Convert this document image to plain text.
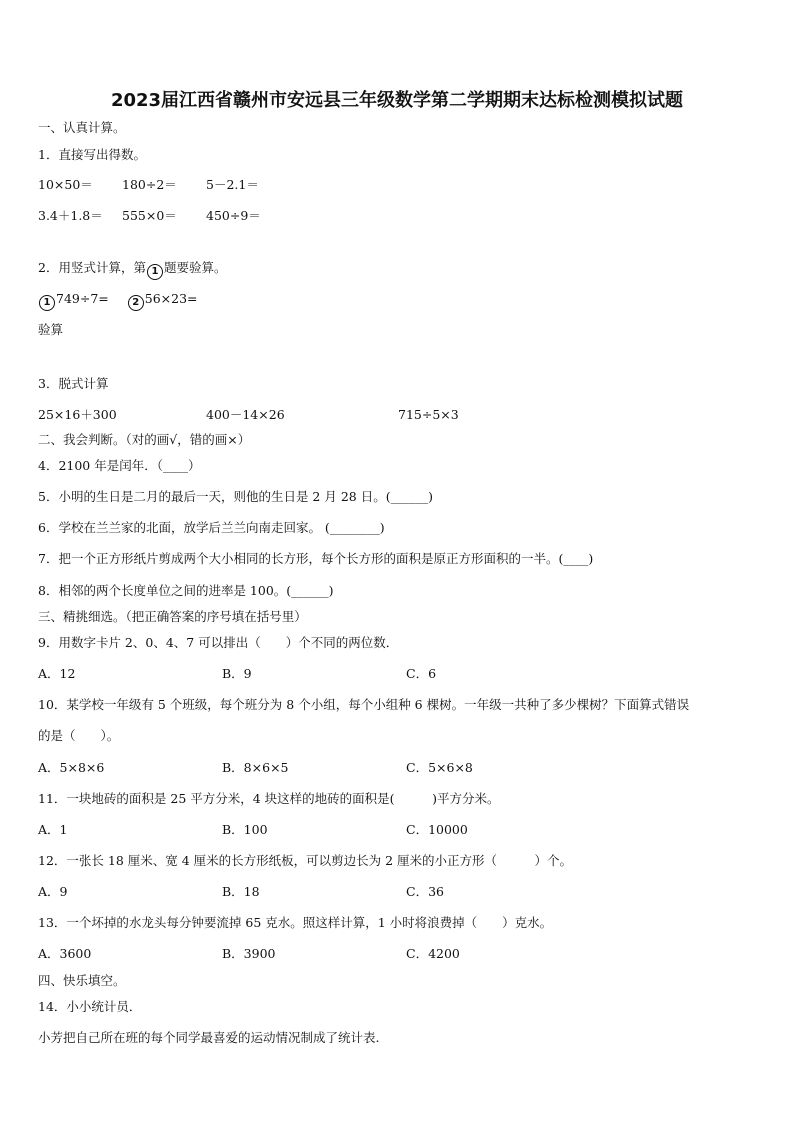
2023届江西省赣州市安远县三年级数学第二学期期末达标检测模拟试题
一、认真计算。
1．直接写出得数。
10×50＝ 180÷2＝ 5－2.1＝
3.4＋1.8＝ 555×0＝ 450÷9＝
2．用竖式计算，第 1 题要验算。
1 749÷7= 2 56×23=
验算
3．脱式计算
25×16＋300	400－14×26	715÷5×3
二、我会判断。（对的画√，错的画×）
4．2100 年是闰年．（____）
5．小明的生日是二月的最后一天，则他的生日是 2 月 28 日。(______)
6．学校在兰兰家的北面，放学后兰兰向南走回家。 (________)
7．把一个正方形纸片剪成两个大小相同的长方形，每个长方形的面积是原正方形面积的一半。(____)
8．相邻的两个长度单位之间的进率是 100。(______)
三、精挑细选。（把正确答案的序号填在括号里）
9．用数字卡片 2、0、4、7 可以排出（　　）个不同的两位数．
A．12	B．9	C．6
10．某学校一年级有 5 个班级，每个班分为 8 个小组，每个小组种 6 棵树。一年级一共种了多少棵树？下面算式错误
的是（　　）。
A．5×8×6	B．8×6×5	C．5×6×8
11．一块地砖的面积是 25 平方分米，4 块这样的地砖的面积是(　　　)平方分米。
A．1	B．100	C．10000
12．一张长 18 厘米、宽 4 厘米的长方形纸板，可以剪边长为 2 厘米的小正方形（　　　）个。
A．9	B．18	C．36
13．一个坏掉的水龙头每分钟要流掉 65 克水。照这样计算，1 小时将浪费掉（　　）克水。
A．3600	B．3900	C．4200
四、快乐填空。
14．小小统计员．
小芳把自己所在班的每个同学最喜爱的运动情况制成了统计表.
